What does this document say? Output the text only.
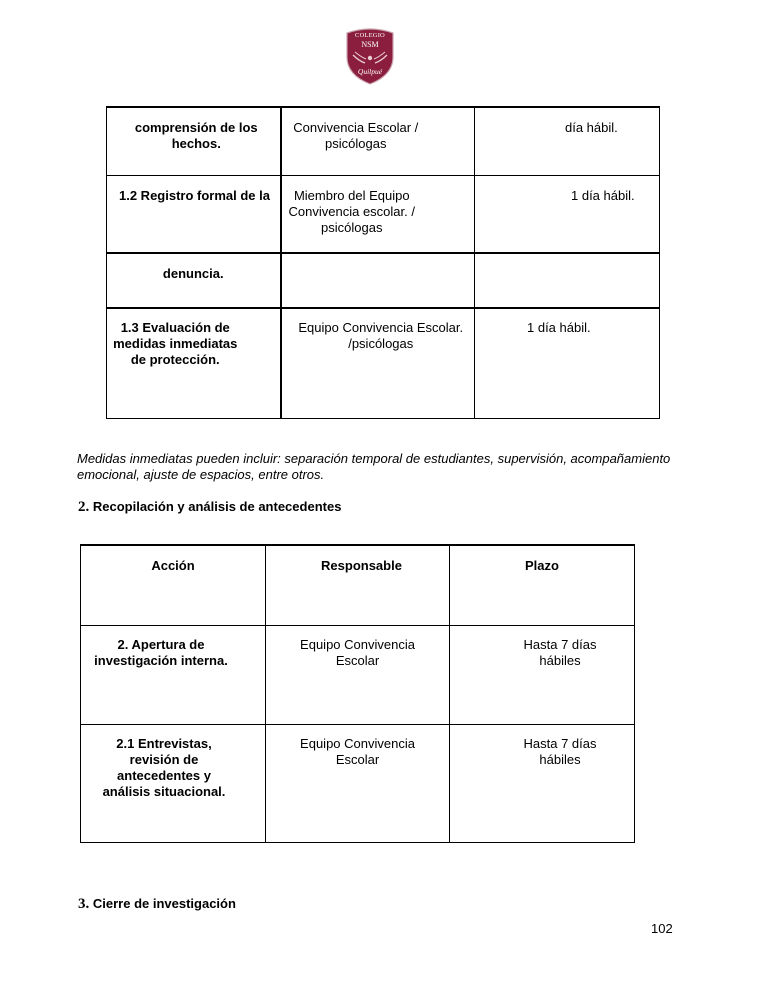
COLEGIO
NSM
Quilpué
comprensión de los hechos.	Convivencia Escolar / psicólogas	día hábil.

1.2 Registro formal de la	Miembro del Equipo Convivencia escolar. / psicólogas	1 día hábil.

denuncia.		

1.3 Evaluación de medidas inmediatas de protección.	Equipo Convivencia Escolar. /psicólogas	1 día hábil.
Medidas inmediatas pueden incluir: separación temporal de estudiantes, supervisión, acompañamiento emocional, ajuste de espacios, entre otros.
2. Recopilación y análisis de antecedentes
Acción	Responsable	Plazo

2. Apertura de investigación interna.	Equipo Convivencia Escolar	Hasta 7 días hábiles

2.1 Entrevistas, revisión de antecedentes y análisis situacional.	Equipo Convivencia Escolar	Hasta 7 días hábiles
3. Cierre de investigación
102
